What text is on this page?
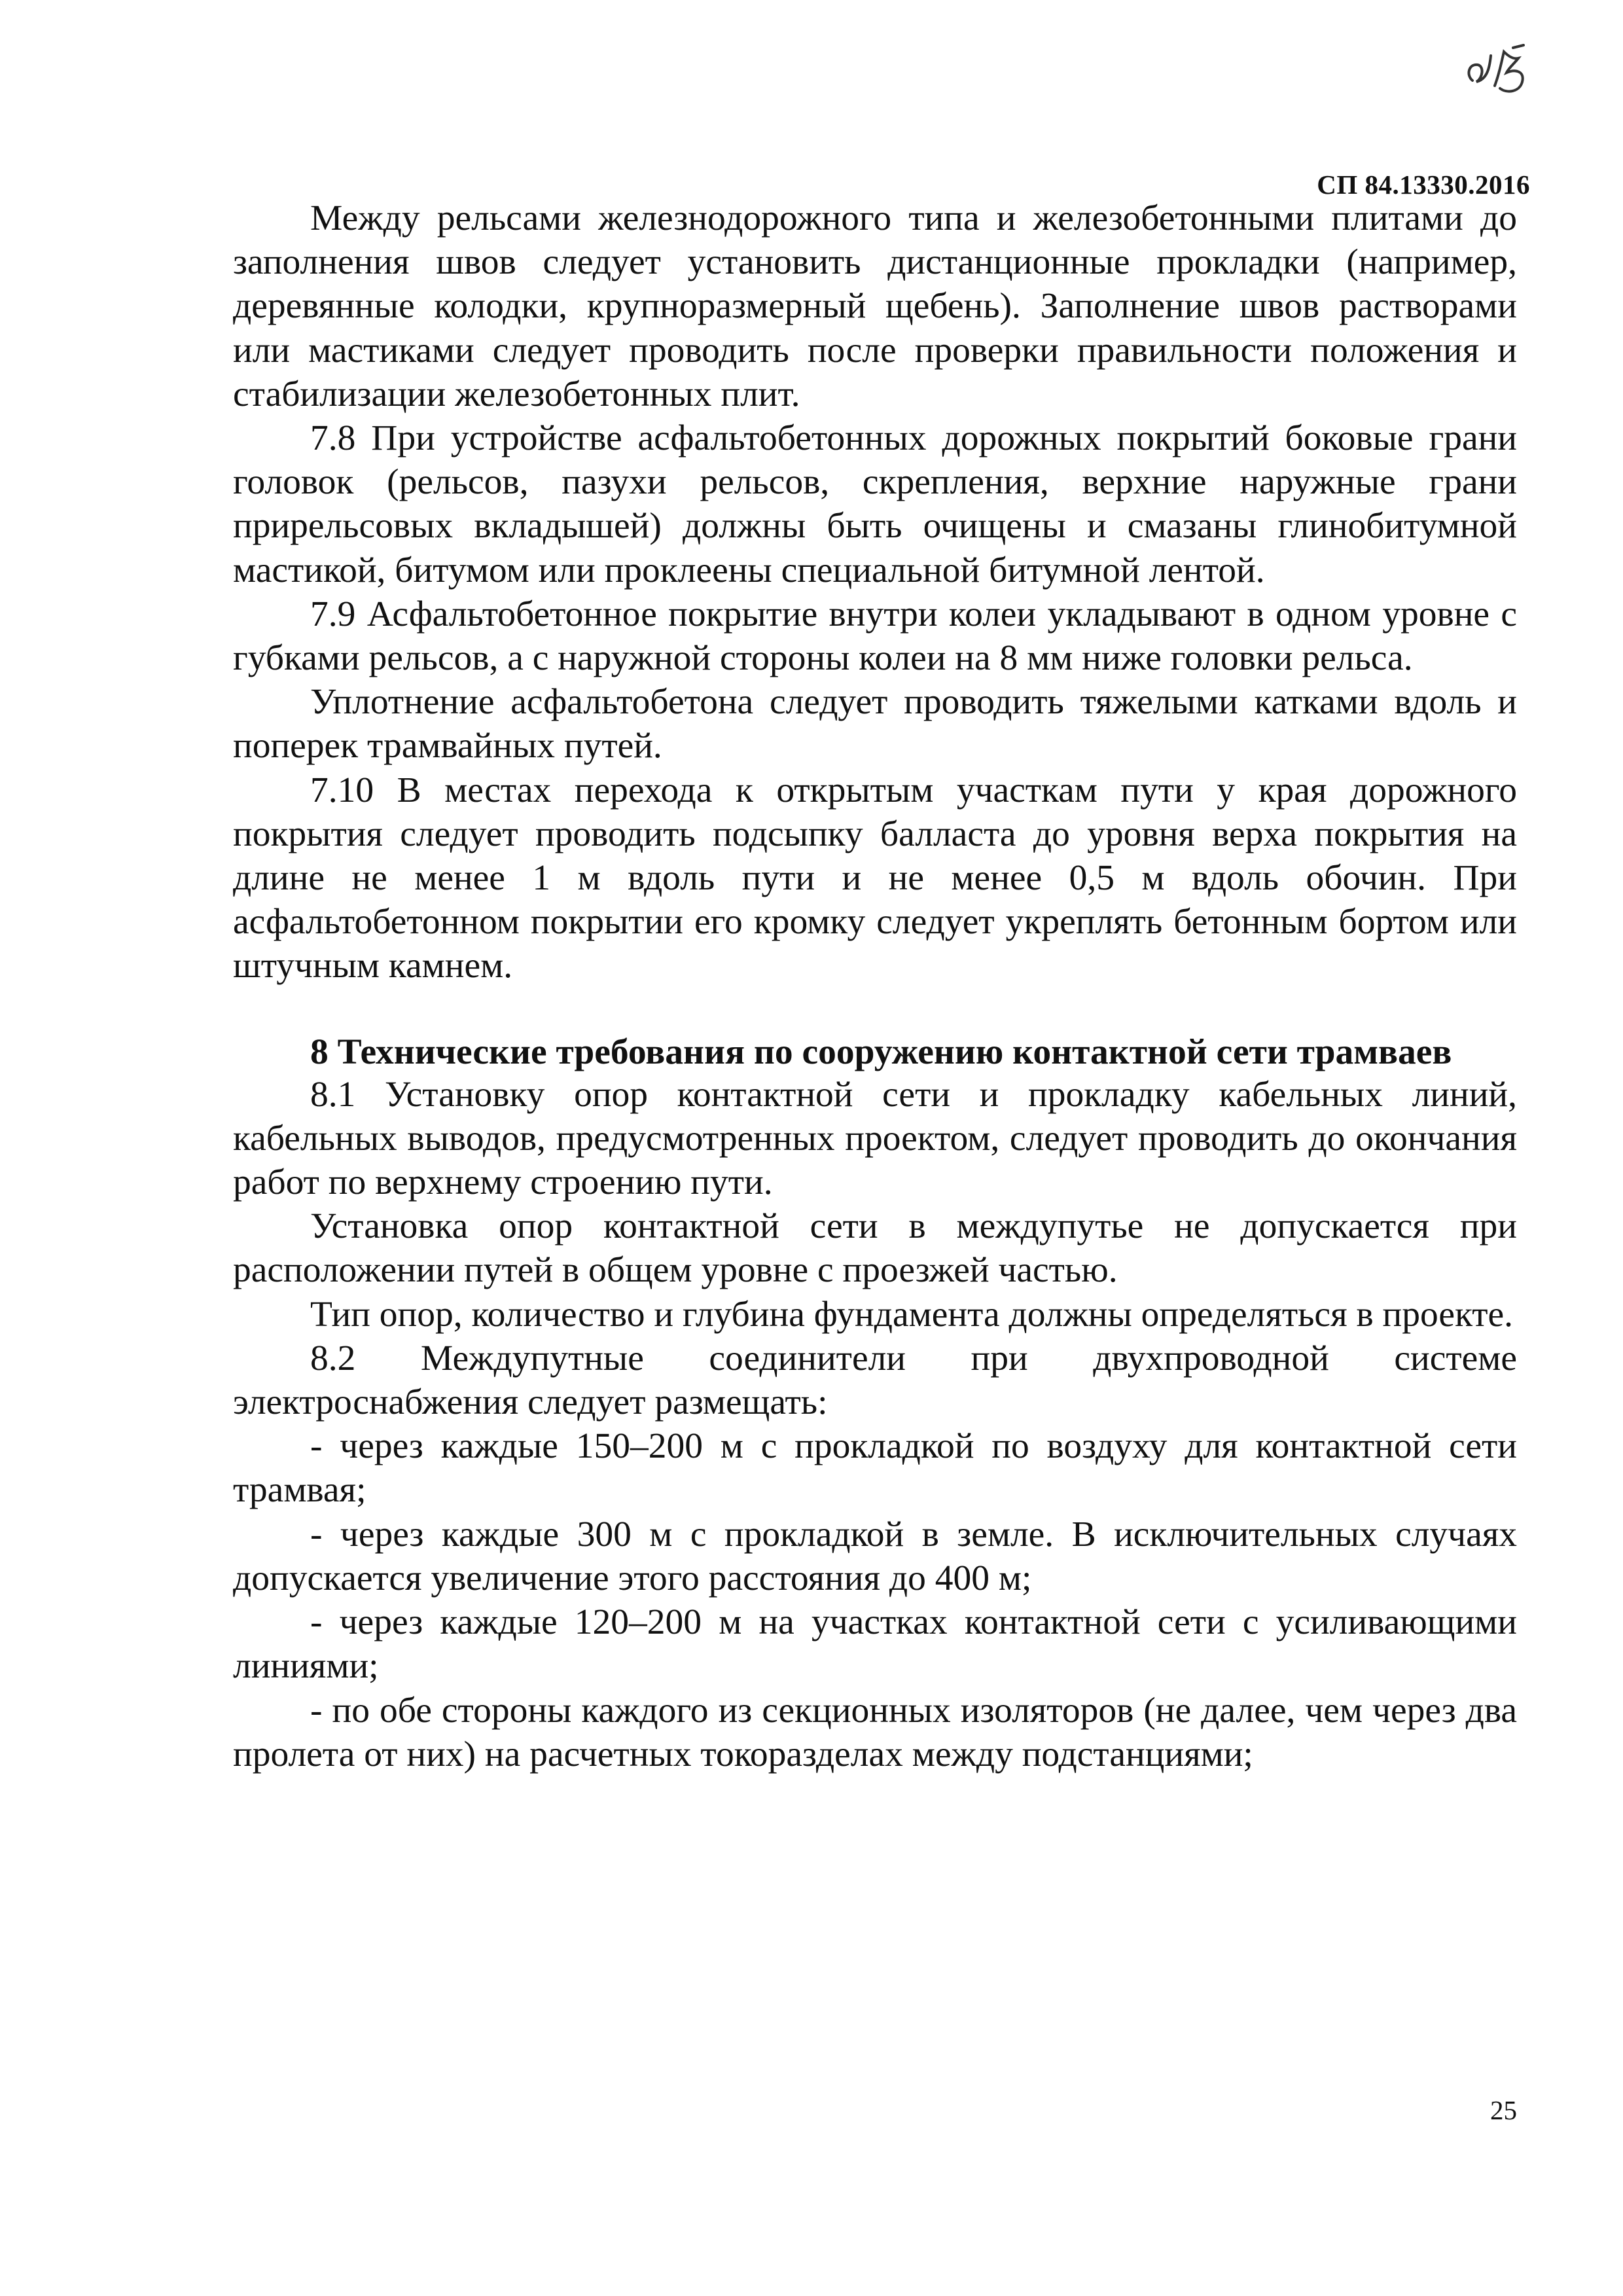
СП 84.13330.2016

Между рельсами железнодорожного типа и железобетонными плитами до заполнения швов следует установить дистанционные прокладки (например, деревянные колодки, крупноразмерный щебень). Заполнение швов растворами или мастиками следует проводить после проверки правильности положения и стабилизации железобетонных плит.

7.8 При устройстве асфальтобетонных дорожных покрытий боковые грани головок (рельсов, пазухи рельсов, скрепления, верхние наружные грани прирельсовых вкладышей) должны быть очищены и смазаны глинобитумной мастикой, битумом или проклеены специальной битумной лентой.

7.9 Асфальтобетонное покрытие внутри колеи укладывают в одном уровне с губками рельсов, а с наружной стороны колеи на 8 мм ниже головки рельса.

Уплотнение асфальтобетона следует проводить тяжелыми катками вдоль и поперек трамвайных путей.

7.10 В местах перехода к открытым участкам пути у края дорожного покрытия следует проводить подсыпку балласта до уровня верха покрытия на длине не менее 1 м вдоль пути и не менее 0,5 м вдоль обочин. При асфальтобетонном покрытии его кромку следует укреплять бетонным бортом или штучным камнем.

8 Технические требования по сооружению контактной сети трамваев

8.1 Установку опор контактной сети и прокладку кабельных линий, кабельных выводов, предусмотренных проектом, следует проводить до окончания работ по верхнему строению пути.

Установка опор контактной сети в междупутье не допускается при расположении путей в общем уровне с проезжей частью.

Тип опор, количество и глубина фундамента должны определяться в проекте.

8.2 Междупутные соединители при двухпроводной системе электроснабжения следует размещать:

- через каждые 150–200 м с прокладкой по воздуху для контактной сети трамвая;

- через каждые 300 м с прокладкой в земле. В исключительных случаях допускается увеличение этого расстояния до 400 м;

- через каждые 120–200 м на участках контактной сети с усиливающими линиями;

- по обе стороны каждого из секционных изоляторов (не далее, чем через два пролета от них) на расчетных токоразделах между подстанциями;

25
